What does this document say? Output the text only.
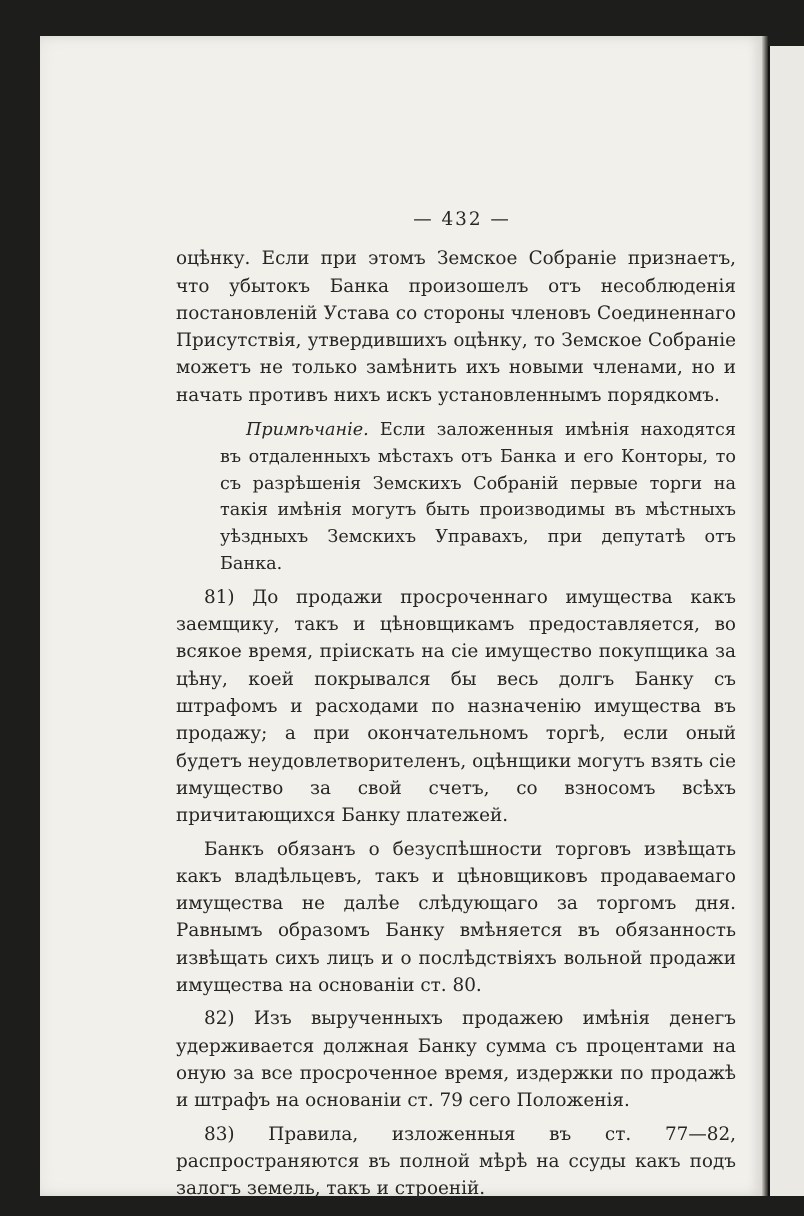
— 432 —

оцѣнку. Если при этомъ Земское Собраніе признаетъ, что убытокъ Банка произошелъ отъ несоблюденія постановленій Устава со стороны членовъ Соединеннаго Присутствія, утвердившихъ оцѣнку, то Земское Собраніе можетъ не только замѣнить ихъ новыми членами, но и начать противъ нихъ искъ установленнымъ порядкомъ.

Примѣчаніе. Если заложенныя имѣнія находятся въ отдаленныхъ мѣстахъ отъ Банка и его Конторы, то съ разрѣшенія Земскихъ Собраній первые торги на такія имѣнія могутъ быть производимы въ мѣстныхъ уѣздныхъ Земскихъ Управахъ, при депутатѣ отъ Банка.

81) До продажи просроченнаго имущества какъ заемщику, такъ и цѣновщикамъ предоставляется, во всякое время, пріискать на сіе имущество покупщика за цѣну, коей покрывался бы весь долгъ Банку съ штрафомъ и расходами по назначенію имущества въ продажу; а при окончательномъ торгѣ, если оный будетъ неудовлетворителенъ, оцѣнщики могутъ взять сіе имущество за свой счетъ, со взносомъ всѣхъ причитающихся Банку платежей.

Банкъ обязанъ о безуспѣшности торговъ извѣщать какъ владѣльцевъ, такъ и цѣновщиковъ продаваемаго имущества не далѣе слѣдующаго за торгомъ дня. Равнымъ образомъ Банку вмѣняется въ обязанность извѣщать сихъ лицъ и о послѣдствіяхъ вольной продажи имущества на основаніи ст. 80.

82) Изъ вырученныхъ продажею имѣнія денегъ удерживается должная Банку сумма съ процентами на оную за все просроченное время, издержки по продажѣ и штрафъ на основаніи ст. 79 сего Положенія.

83) Правила, изложенныя въ ст. 77—82, распространяются въ полной мѣрѣ на ссуды какъ подъ залогъ земель, такъ и строеній.
